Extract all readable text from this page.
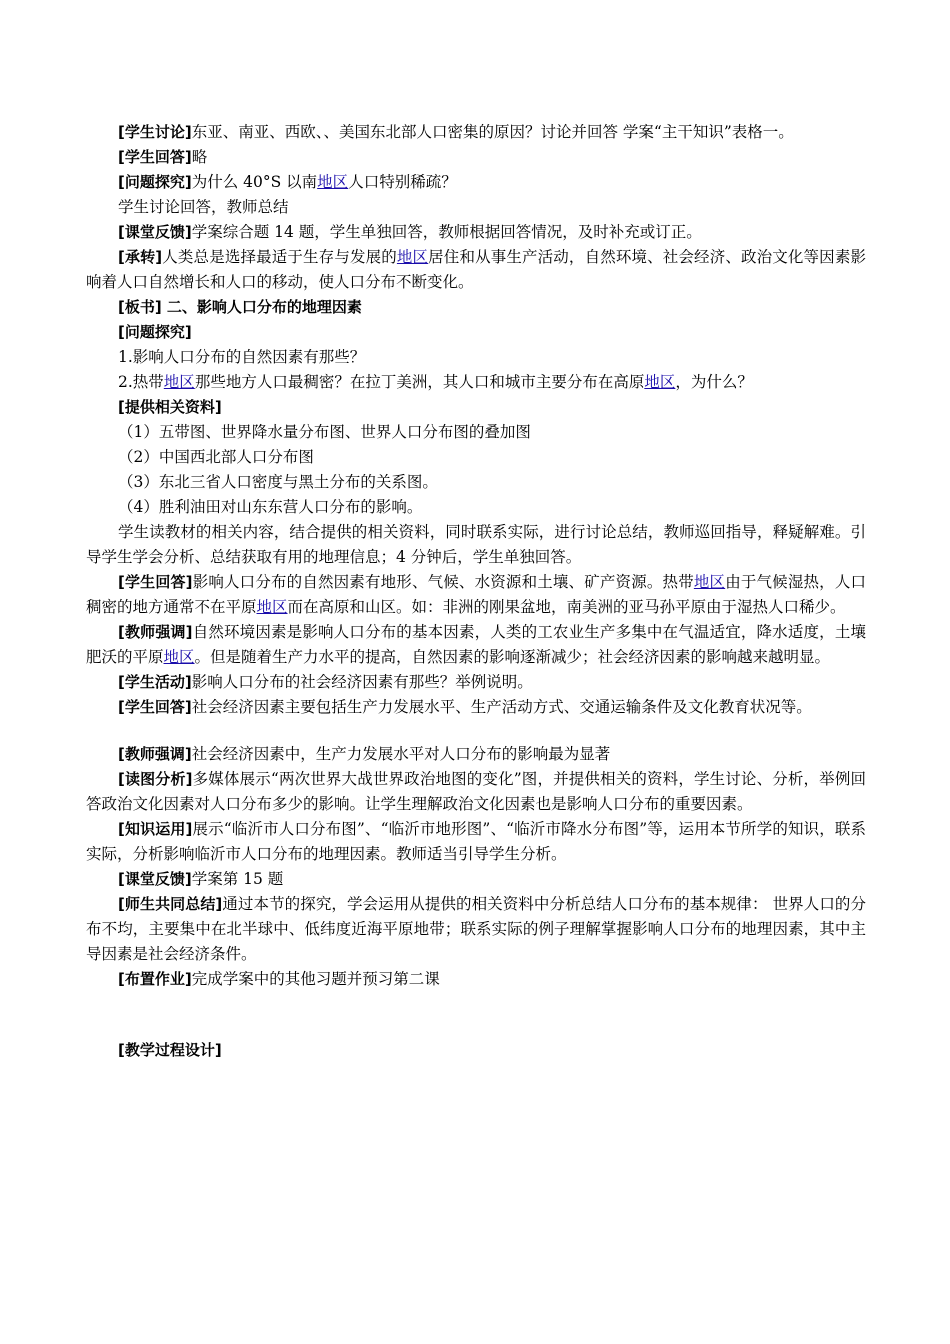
[学生讨论]东亚、南亚、西欧、、美国东北部人口密集的原因？讨论并回答 学案“主干知识”表格一。

[学生回答]略

[问题探究]为什么 40°S 以南地区人口特别稀疏？

学生讨论回答，教师总结

[课堂反馈]学案综合题 14 题，学生单独回答，教师根据回答情况，及时补充或订正。

[承转]人类总是选择最适于生存与发展的地区居住和从事生产活动，自然环境、社会经济、政治文化等因素影响着人口自然增长和人口的移动，使人口分布不断变化。

[板书] 二、影响人口分布的地理因素

[问题探究]

1.影响人口分布的自然因素有那些？

2.热带地区那些地方人口最稠密？在拉丁美洲，其人口和城市主要分布在高原地区，为什么？

[提供相关资料]

（1）五带图、世界降水量分布图、世界人口分布图的叠加图

（2）中国西北部人口分布图

（3）东北三省人口密度与黑土分布的关系图。

（4）胜利油田对山东东营人口分布的影响。

学生读教材的相关内容，结合提供的相关资料，同时联系实际，进行讨论总结，教师巡回指导，释疑解难。引导学生学会分析、总结获取有用的地理信息；4 分钟后，学生单独回答。

[学生回答]影响人口分布的自然因素有地形、气候、水资源和土壤、矿产资源。热带地区由于气候湿热，人口稠密的地方通常不在平原地区而在高原和山区。如：非洲的刚果盆地，南美洲的亚马孙平原由于湿热人口稀少。

[教师强调]自然环境因素是影响人口分布的基本因素，人类的工农业生产多集中在气温适宜，降水适度，土壤肥沃的平原地区。但是随着生产力水平的提高，自然因素的影响逐渐减少；社会经济因素的影响越来越明显。

[学生活动]影响人口分布的社会经济因素有那些？举例说明。

[学生回答]社会经济因素主要包括生产力发展水平、生产活动方式、交通运输条件及文化教育状况等。

[教师强调]社会经济因素中，生产力发展水平对人口分布的影响最为显著

[读图分析]多媒体展示“两次世界大战世界政治地图的变化”图，并提供相关的资料，学生讨论、分析，举例回答政治文化因素对人口分布多少的影响。让学生理解政治文化因素也是影响人口分布的重要因素。

[知识运用]展示“临沂市人口分布图”、“临沂市地形图”、“临沂市降水分布图”等，运用本节所学的知识，联系实际，分析影响临沂市人口分布的地理因素。教师适当引导学生分析。

[课堂反馈]学案第 15 题

[师生共同总结]通过本节的探究，学会运用从提供的相关资料中分析总结人口分布的基本规律： 世界人口的分布不均，主要集中在北半球中、低纬度近海平原地带；联系实际的例子理解掌握影响人口分布的地理因素，其中主导因素是社会经济条件。

[布置作业]完成学案中的其他习题并预习第二课

[教学过程设计]
